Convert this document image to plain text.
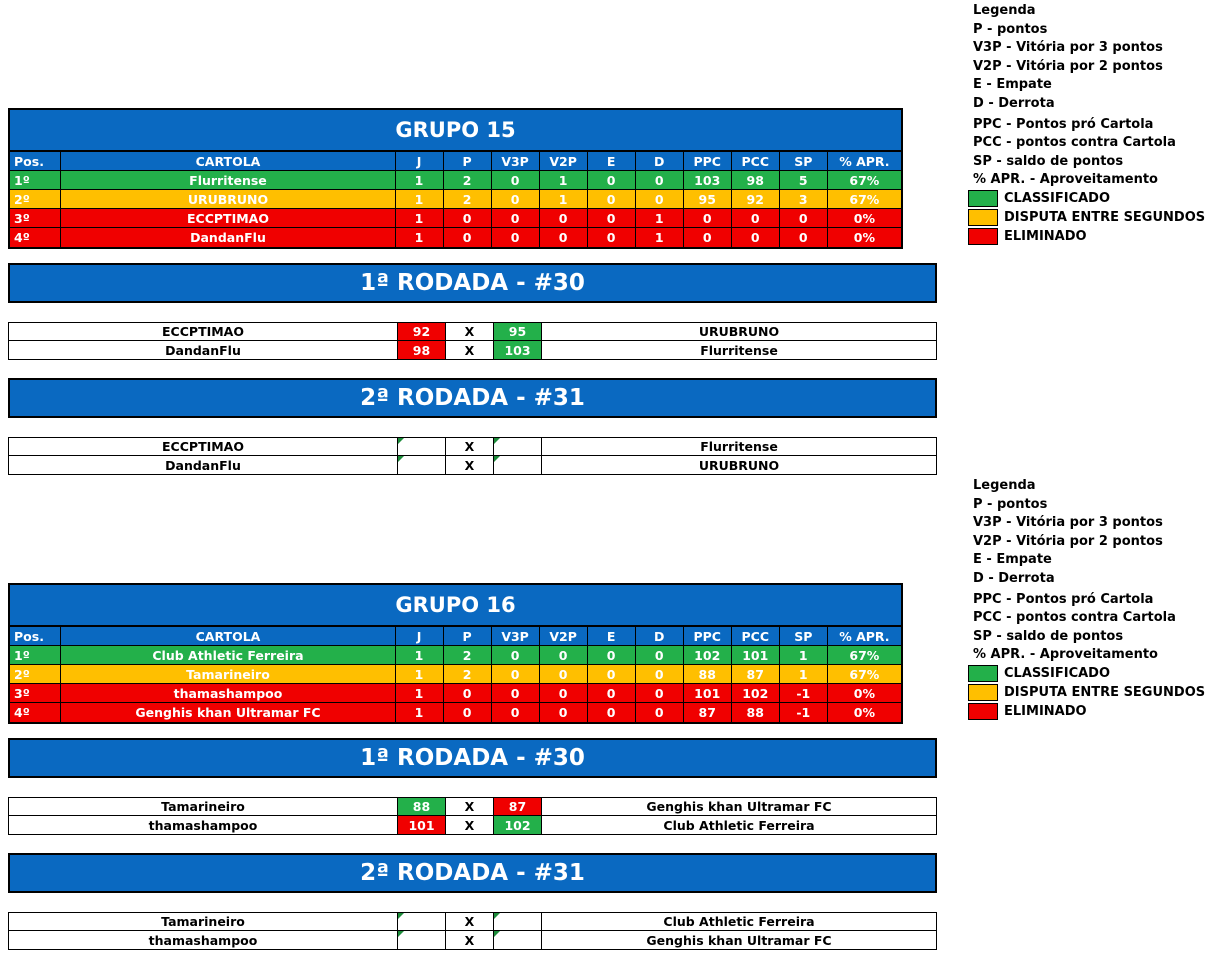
Legenda
P - pontos
V3P - Vitória por 3 pontos
V2P - Vitória por 2 pontos
E - Empate
D - Derrota
PPC - Pontos pró Cartola
PCC - pontos contra Cartola
SP - saldo de pontos
% APR. - Aproveitamento
CLASSIFICADO
DISPUTA ENTRE SEGUNDOS
ELIMINADO
GRUPO 15
Pos.	CARTOLA	J	P	V3P	V2P	E	D	PPC	PCC	SP	% APR.
1º	Flurritense	1	2	0	1	0	0	103	98	5	67%
2º	URUBRUNO	1	2	0	1	0	0	95	92	3	67%
3º	ECCPTIMAO	1	0	0	0	0	1	0	0	0	0%
4º	DandanFlu	1	0	0	0	0	1	0	0	0	0%
1ª RODADA - #30
ECCPTIMAO	92	X	95	URUBRUNO
DandanFlu	98	X	103	Flurritense
2ª RODADA - #31
ECCPTIMAO	X	Flurritense
DandanFlu	X	URUBRUNO
Legenda
P - pontos
V3P - Vitória por 3 pontos
V2P - Vitória por 2 pontos
E - Empate
D - Derrota
PPC - Pontos pró Cartola
PCC - pontos contra Cartola
SP - saldo de pontos
% APR. - Aproveitamento
CLASSIFICADO
DISPUTA ENTRE SEGUNDOS
ELIMINADO
GRUPO 16
Pos.	CARTOLA	J	P	V3P	V2P	E	D	PPC	PCC	SP	% APR.
1º	Club Athletic Ferreira	1	2	0	0	0	0	102	101	1	67%
2º	Tamarineiro	1	2	0	0	0	0	88	87	1	67%
3º	thamashampoo	1	0	0	0	0	0	101	102	-1	0%
4º	Genghis khan Ultramar FC	1	0	0	0	0	0	87	88	-1	0%
1ª RODADA - #30
Tamarineiro	88	X	87	Genghis khan Ultramar FC
thamashampoo	101	X	102	Club Athletic Ferreira
2ª RODADA - #31
Tamarineiro	X	Club Athletic Ferreira
thamashampoo	X	Genghis khan Ultramar FC
